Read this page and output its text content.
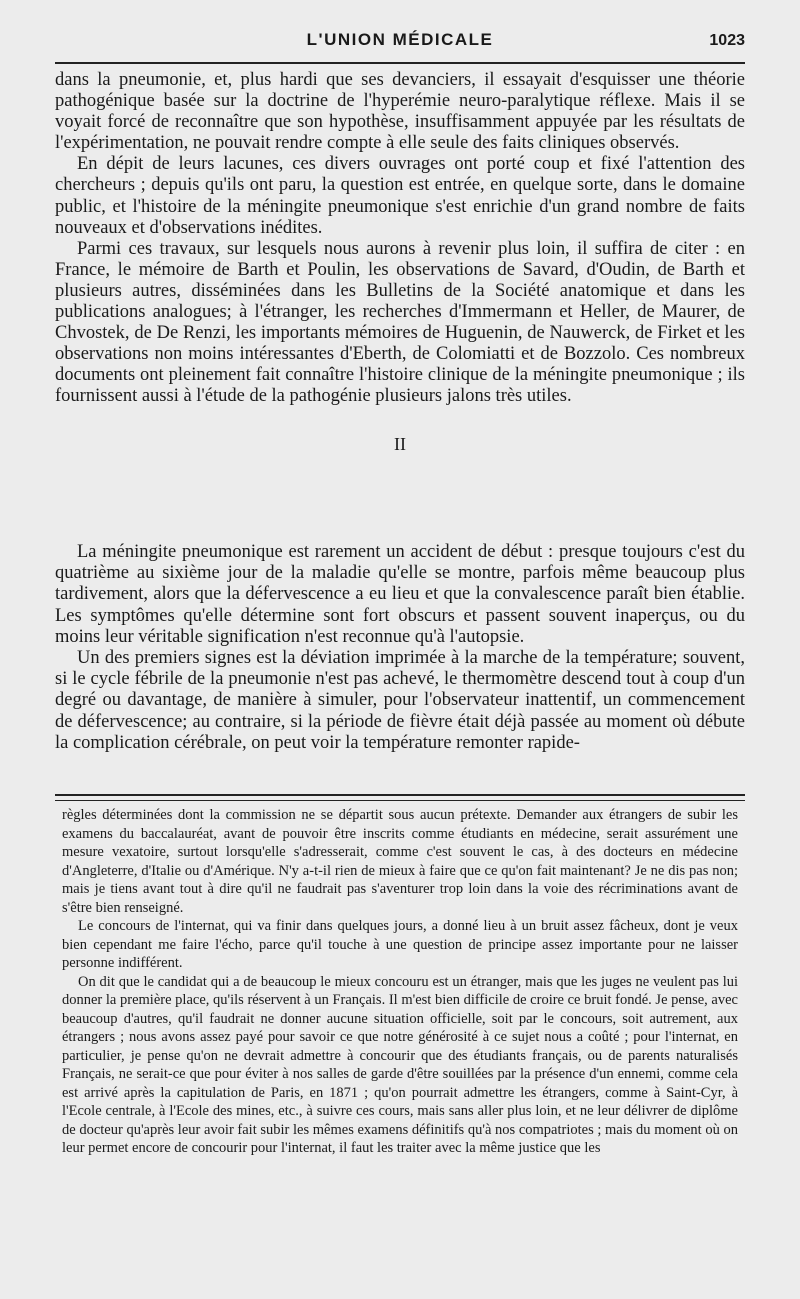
L'UNION MÉDICALE	1023

dans la pneumonie, et, plus hardi que ses devanciers, il essayait d'esquisser une théorie pathogénique basée sur la doctrine de l'hyperémie neuro-paralytique réflexe. Mais il se voyait forcé de reconnaître que son hypothèse, insuffisamment appuyée par les résultats de l'expérimentation, ne pouvait rendre compte à elle seule des faits cliniques observés.

En dépit de leurs lacunes, ces divers ouvrages ont porté coup et fixé l'attention des chercheurs ; depuis qu'ils ont paru, la question est entrée, en quelque sorte, dans le domaine public, et l'histoire de la méningite pneumonique s'est enrichie d'un grand nombre de faits nouveaux et d'observations inédites.

Parmi ces travaux, sur lesquels nous aurons à revenir plus loin, il suffira de citer : en France, le mémoire de Barth et Poulin, les observations de Savard, d'Oudin, de Barth et plusieurs autres, disséminées dans les Bulletins de la Société anatomique et dans les publications analogues; à l'étranger, les recherches d'Immermann et Heller, de Maurer, de Chvostek, de De Renzi, les importants mémoires de Huguenin, de Nauwerck, de Firket et les observations non moins intéressantes d'Eberth, de Colomiatti et de Bozzolo. Ces nombreux documents ont pleinement fait connaître l'histoire clinique de la méningite pneumonique ; ils fournissent aussi à l'étude de la pathogénie plusieurs jalons très utiles.

II

La méningite pneumonique est rarement un accident de début : presque toujours c'est du quatrième au sixième jour de la maladie qu'elle se montre, parfois même beaucoup plus tardivement, alors que la défervescence a eu lieu et que la convalescence paraît bien établie. Les symptômes qu'elle détermine sont fort obscurs et passent souvent inaperçus, ou du moins leur véritable signification n'est reconnue qu'à l'autopsie.

Un des premiers signes est la déviation imprimée à la marche de la température; souvent, si le cycle fébrile de la pneumonie n'est pas achevé, le thermomètre descend tout à coup d'un degré ou davantage, de manière à simuler, pour l'observateur inattentif, un commencement de défervescence; au contraire, si la période de fièvre était déjà passée au moment où débute la complication cérébrale, on peut voir la température remonter rapide-

règles déterminées dont la commission ne se départit sous aucun prétexte. Demander aux étrangers de subir les examens du baccalauréat, avant de pouvoir être inscrits comme étudiants en médecine, serait assurément une mesure vexatoire, surtout lorsqu'elle s'adresserait, comme c'est souvent le cas, à des docteurs en médecine d'Angleterre, d'Italie ou d'Amérique. N'y a-t-il rien de mieux à faire que ce qu'on fait maintenant? Je ne dis pas non; mais je tiens avant tout à dire qu'il ne faudrait pas s'aventurer trop loin dans la voie des récriminations avant de s'être bien renseigné.

Le concours de l'internat, qui va finir dans quelques jours, a donné lieu à un bruit assez fâcheux, dont je veux bien cependant me faire l'écho, parce qu'il touche à une question de principe assez importante pour ne laisser personne indifférent.

On dit que le candidat qui a de beaucoup le mieux concouru est un étranger, mais que les juges ne veulent pas lui donner la première place, qu'ils réservent à un Français. Il m'est bien difficile de croire ce bruit fondé. Je pense, avec beaucoup d'autres, qu'il faudrait ne donner aucune situation officielle, soit par le concours, soit autrement, aux étrangers ; nous avons assez payé pour savoir ce que notre générosité à ce sujet nous a coûté ; pour l'internat, en particulier, je pense qu'on ne devrait admettre à concourir que des étudiants français, ou de parents naturalisés Français, ne serait-ce que pour éviter à nos salles de garde d'être souillées par la présence d'un ennemi, comme cela est arrivé après la capitulation de Paris, en 1871 ; qu'on pourrait admettre les étrangers, comme à Saint-Cyr, à l'Ecole centrale, à l'Ecole des mines, etc., à suivre ces cours, mais sans aller plus loin, et ne leur délivrer de diplôme de docteur qu'après leur avoir fait subir les mêmes examens définitifs qu'à nos compatriotes ; mais du moment où on leur permet encore de concourir pour l'internat, il faut les traiter avec la même justice que les
